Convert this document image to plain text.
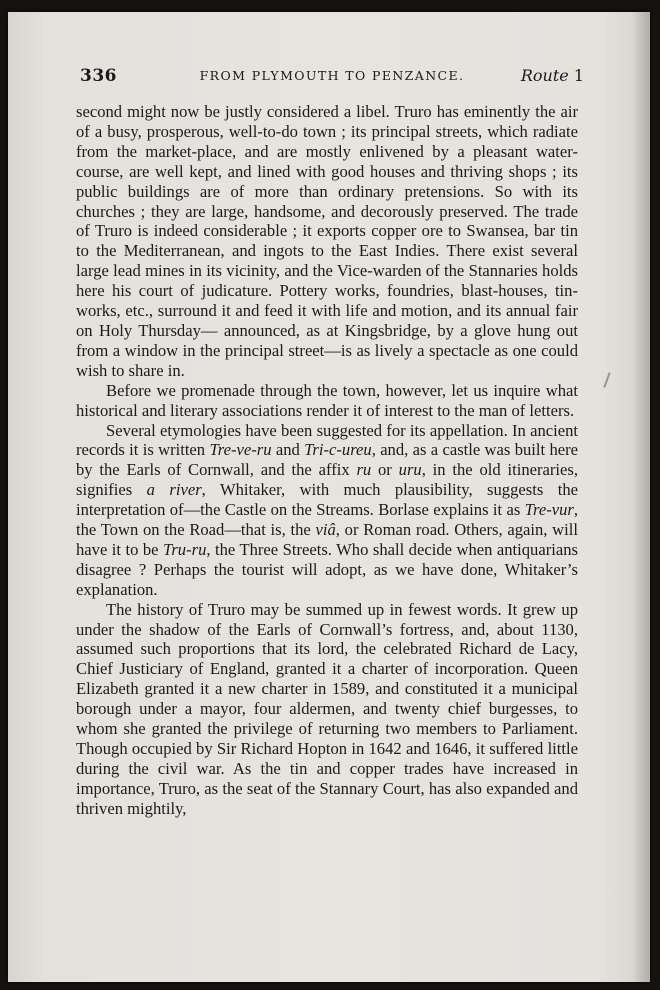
336	FROM PLYMOUTH TO PENZANCE.	Route 1

second might now be justly considered a libel. Truro has eminently the air of a busy, prosperous, well-to-do town ; its principal streets, which radiate from the market-place, and are mostly enlivened by a pleasant water-course, are well kept, and lined with good houses and thriving shops ; its public buildings are of more than ordinary pretensions. So with its churches ; they are large, handsome, and decorously preserved. The trade of Truro is indeed considerable ; it exports copper ore to Swansea, bar tin to the Mediterranean, and ingots to the East Indies. There exist several large lead mines in its vicinity, and the Vice-warden of the Stannaries holds here his court of judicature. Pottery works, foundries, blast-houses, tin-works, etc., surround it and feed it with life and motion, and its annual fair on Holy Thursday— announced, as at Kingsbridge, by a glove hung out from a window in the principal street—is as lively a spectacle as one could wish to share in.

Before we promenade through the town, however, let us inquire what historical and literary associations render it of interest to the man of letters.

Several etymologies have been suggested for its appellation. In ancient records it is written Tre-ve-ru and Tri-c-ureu, and, as a castle was built here by the Earls of Cornwall, and the affix ru or uru, in the old itineraries, signifies a river, Whitaker, with much plausibility, suggests the interpretation of—the Castle on the Streams. Borlase explains it as Tre-vur, the Town on the Road—that is, the viâ, or Roman road. Others, again, will have it to be Tru-ru, the Three Streets. Who shall decide when antiquarians disagree ? Perhaps the tourist will adopt, as we have done, Whitaker’s explanation.

The history of Truro may be summed up in fewest words. It grew up under the shadow of the Earls of Cornwall’s fortress, and, about 1130, assumed such proportions that its lord, the celebrated Richard de Lacy, Chief Justiciary of England, granted it a charter of incorporation. Queen Elizabeth granted it a new charter in 1589, and constituted it a municipal borough under a mayor, four aldermen, and twenty chief burgesses, to whom she granted the privilege of returning two members to Parliament. Though occupied by Sir Richard Hopton in 1642 and 1646, it suffered little during the civil war. As the tin and copper trades have increased in importance, Truro, as the seat of the Stannary Court, has also expanded and thriven mightily,
